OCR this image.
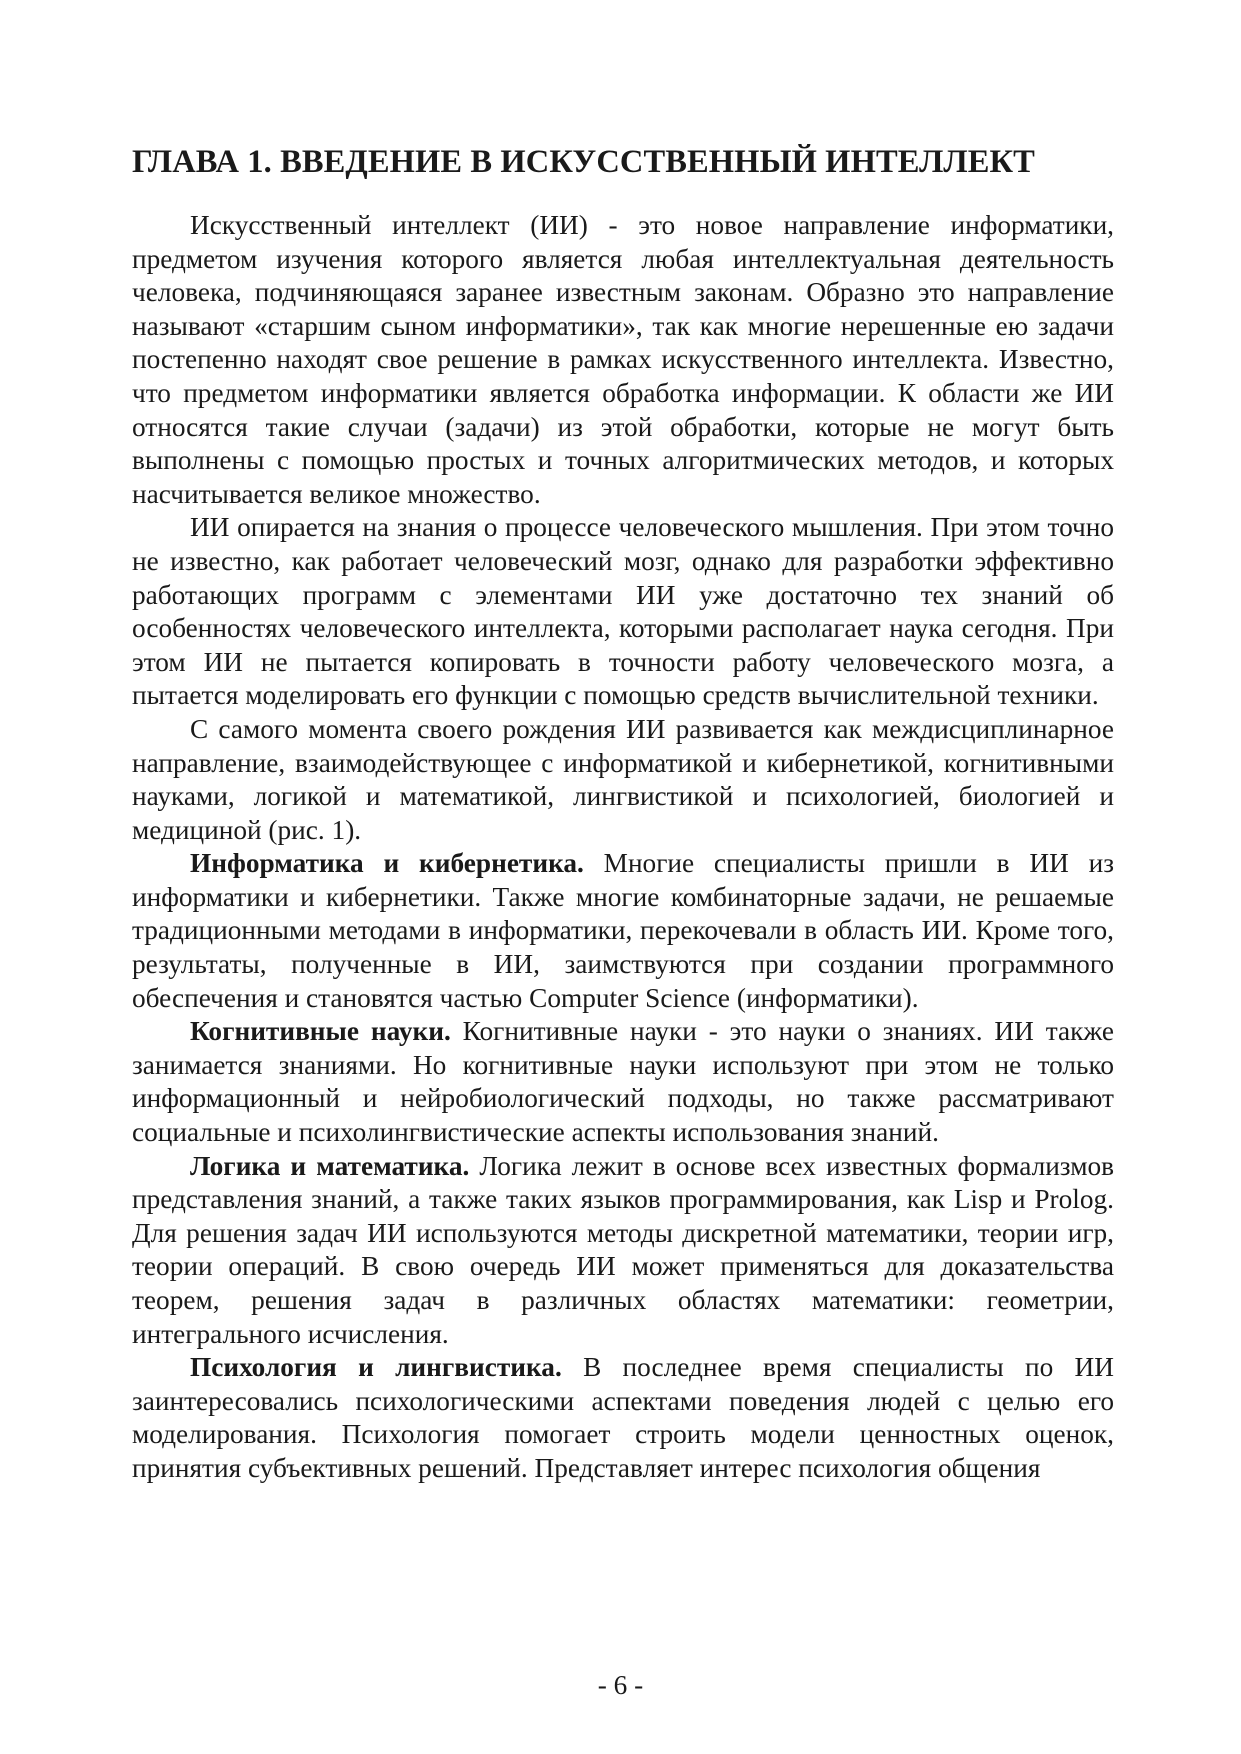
ГЛАВА 1. ВВЕДЕНИЕ В ИСКУССТВЕННЫЙ ИНТЕЛЛЕКТ

Искусственный интеллект (ИИ) - это новое направление информатики, предметом изучения которого является любая интеллектуальная деятельность человека, подчиняющаяся заранее известным законам. Образно это направление называют «старшим сыном информатики», так как многие нерешенные ею задачи постепенно находят свое решение в рамках искусственного интеллекта. Известно, что предметом информатики является обработка информации. К области же ИИ относятся такие случаи (задачи) из этой обработки, которые не могут быть выполнены с помощью простых и точных алгоритмических методов, и которых насчитывается великое множество.

ИИ опирается на знания о процессе человеческого мышления. При этом точно не известно, как работает человеческий мозг, однако для разработки эффективно работающих программ с элементами ИИ уже достаточно тех знаний об особенностях человеческого интеллекта, которыми располагает наука сегодня. При этом ИИ не пытается копировать в точности работу человеческого мозга, а пытается моделировать его функции с помощью средств вычислительной техники.

С самого момента своего рождения ИИ развивается как междисциплинарное направление, взаимодействующее с информатикой и кибернетикой, когнитивными науками, логикой и математикой, лингвистикой и психологией, биологией и медициной (рис. 1).

Информатика и кибернетика. Многие специалисты пришли в ИИ из информатики и кибернетики. Также многие комбинаторные задачи, не решаемые традиционными методами в информатики, перекочевали в область ИИ. Кроме того, результаты, полученные в ИИ, заимствуются при создании программного обеспечения и становятся частью Computer Science (информатики).

Когнитивные науки. Когнитивные науки - это науки о знаниях. ИИ также занимается знаниями. Но когнитивные науки используют при этом не только информационный и нейробиологический подходы, но также рассматривают социальные и психолингвистические аспекты использования знаний.

Логика и математика. Логика лежит в основе всех известных формализмов представления знаний, а также таких языков программирования, как Lisp и Prolog. Для решения задач ИИ используются методы дискретной математики, теории игр, теории операций. В свою очередь ИИ может применяться для доказательства теорем, решения задач в различных областях математики: геометрии, интегрального исчисления.

Психология и лингвистика. В последнее время специалисты по ИИ заинтересовались психологическими аспектами поведения людей с целью его моделирования. Психология помогает строить модели ценностных оценок, принятия субъективных решений. Представляет интерес психология общения

- 6 -
